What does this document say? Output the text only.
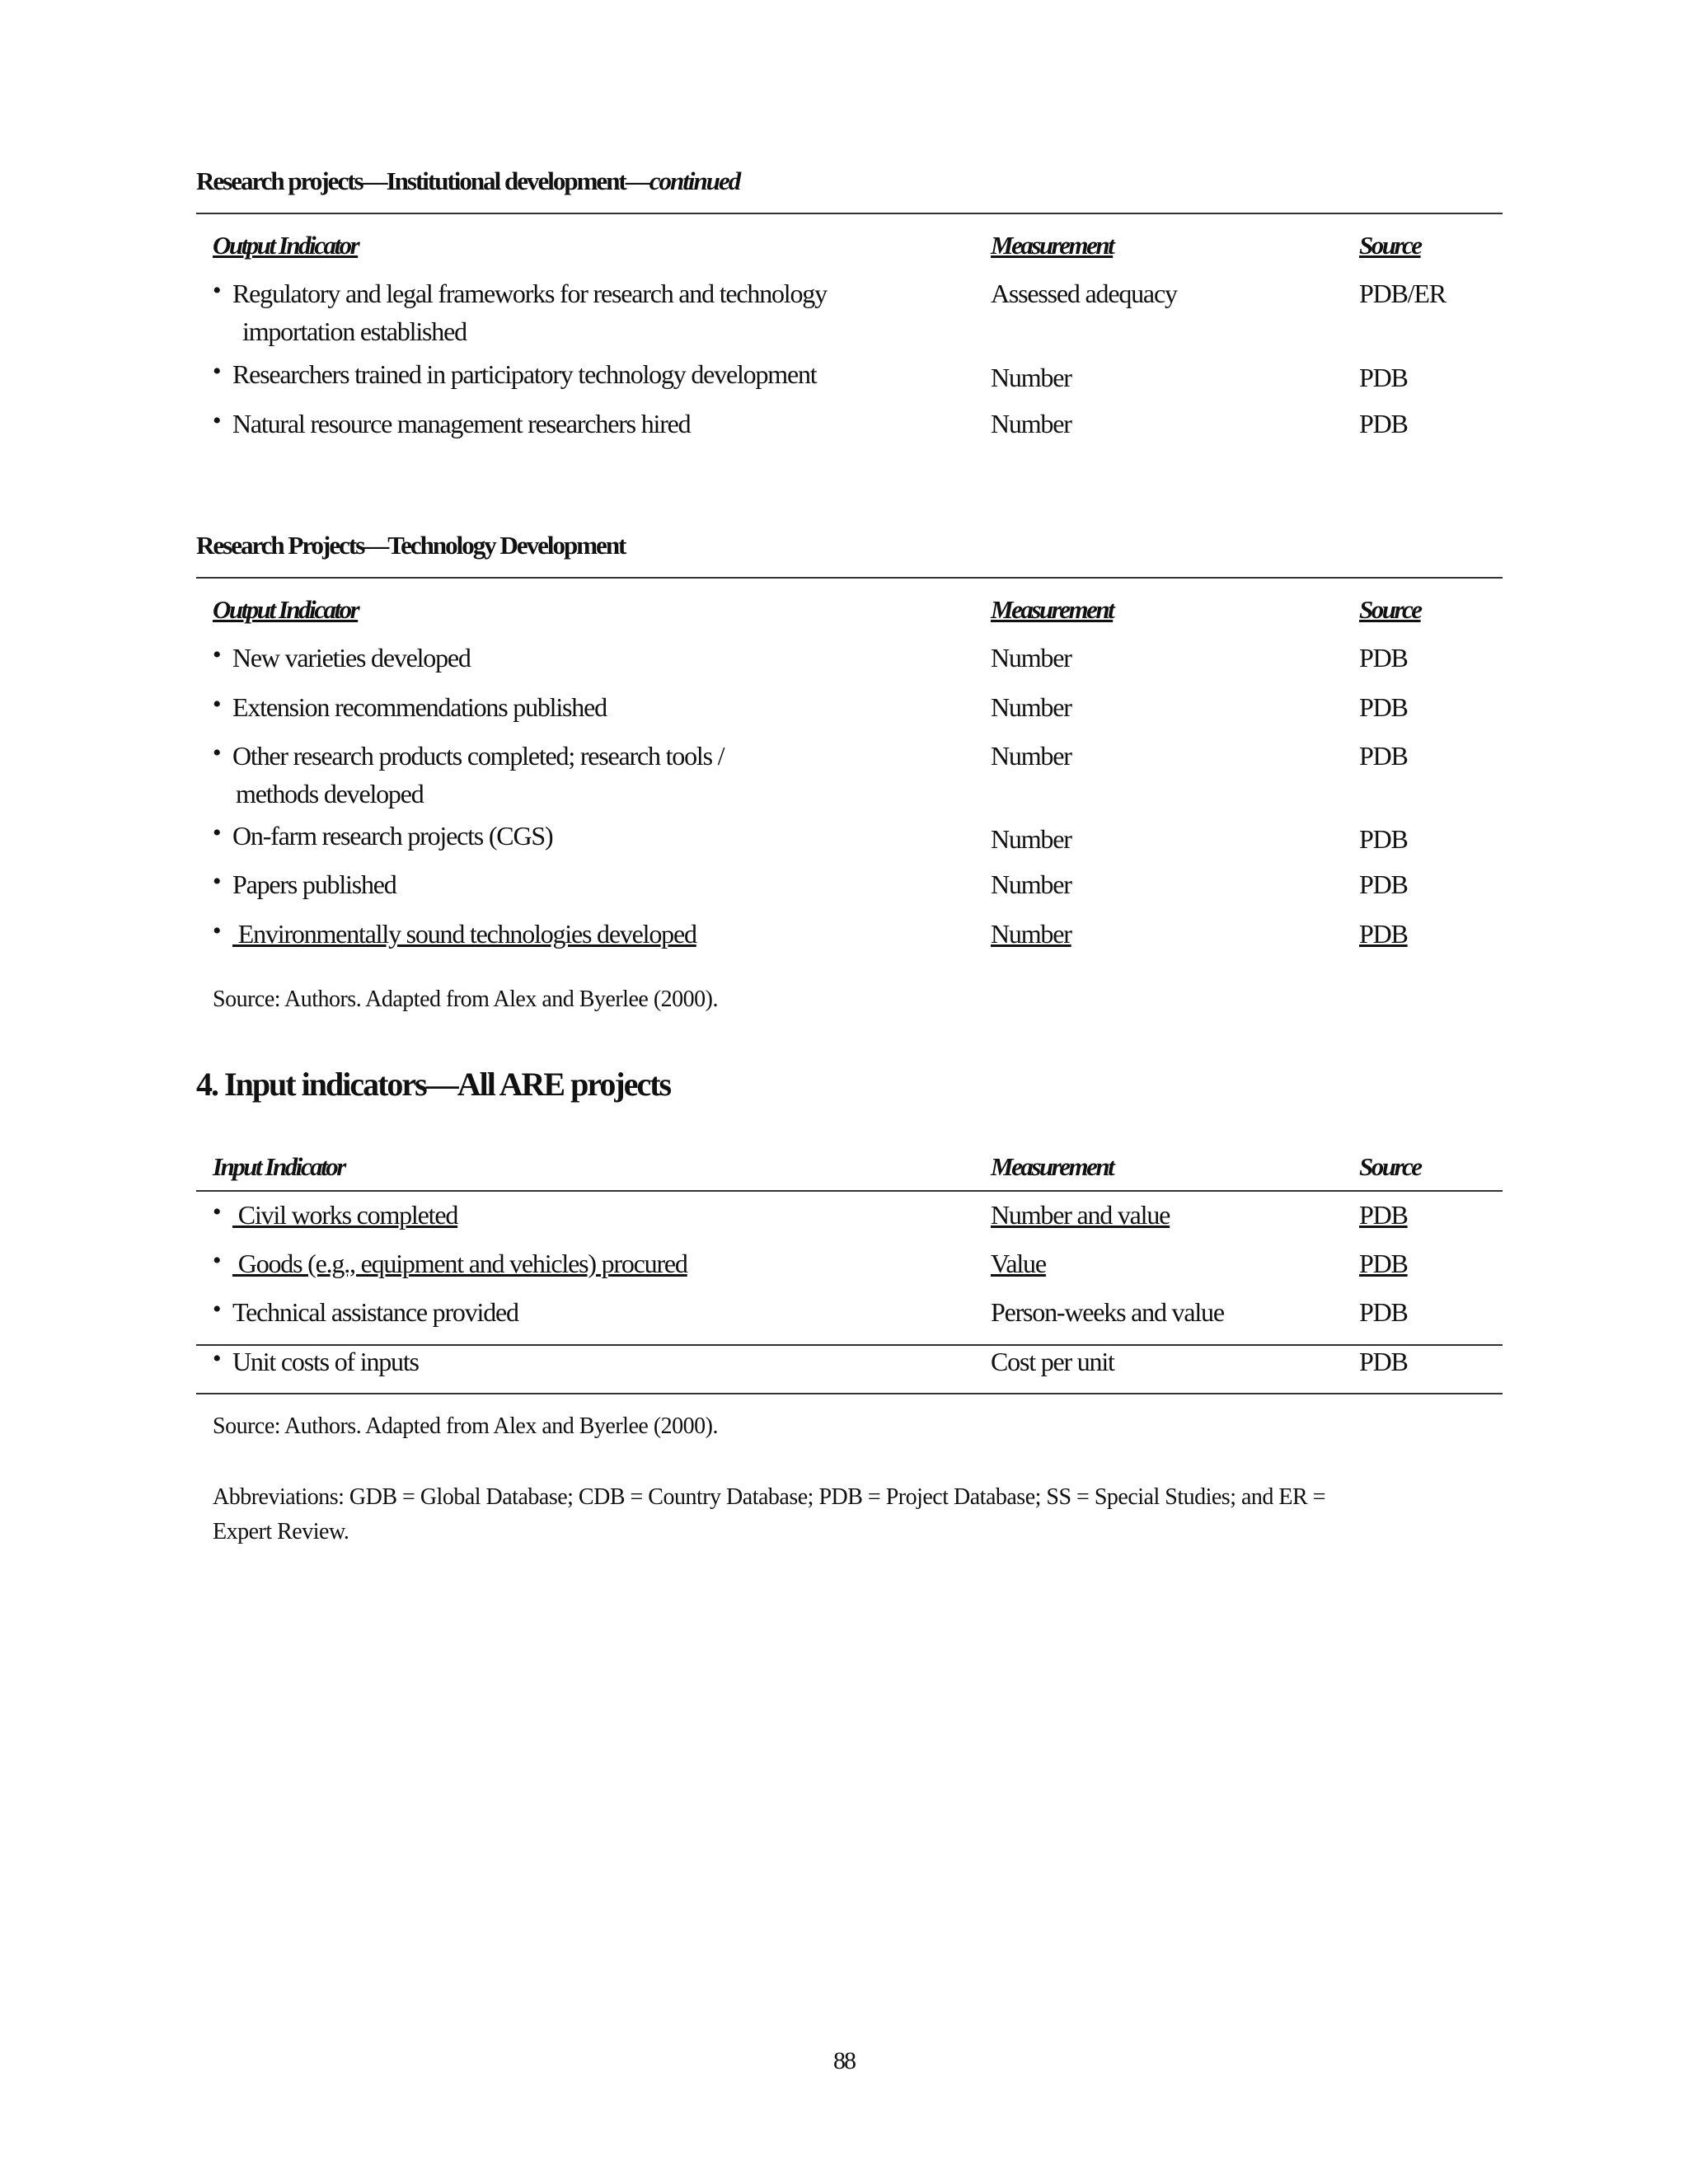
Research projects—Institutional development—continued
Output Indicator	Measurement	Source
• Regulatory and legal frameworks for research and technology
importation established
Assessed adequacy	PDB/ER
• Researchers trained in participatory technology development	Number	PDB
• Natural resource management researchers hired	Number	PDB
Research Projects—Technology Development
Output Indicator	Measurement	Source
• New varieties developed	Number	PDB
• Extension recommendations published	Number	PDB
• Other research products completed; research tools /
methods developed
Number	PDB
• On-farm research projects (CGS)	Number	PDB
• Papers published	Number	PDB
• Environmentally sound technologies developed	Number	PDB
Source: Authors. Adapted from Alex and Byerlee (2000).
4. Input indicators—All ARE projects
Input Indicator	Measurement	Source
• Civil works completed	Number and value	PDB
• Goods (e.g., equipment and vehicles) procured	Value	PDB
• Technical assistance provided	Person-weeks and value	PDB
• Unit costs of inputs	Cost per unit	PDB
Source: Authors. Adapted from Alex and Byerlee (2000).
Abbreviations: GDB = Global Database; CDB = Country Database; PDB = Project Database; SS = Special Studies; and ER =
Expert Review.
88
